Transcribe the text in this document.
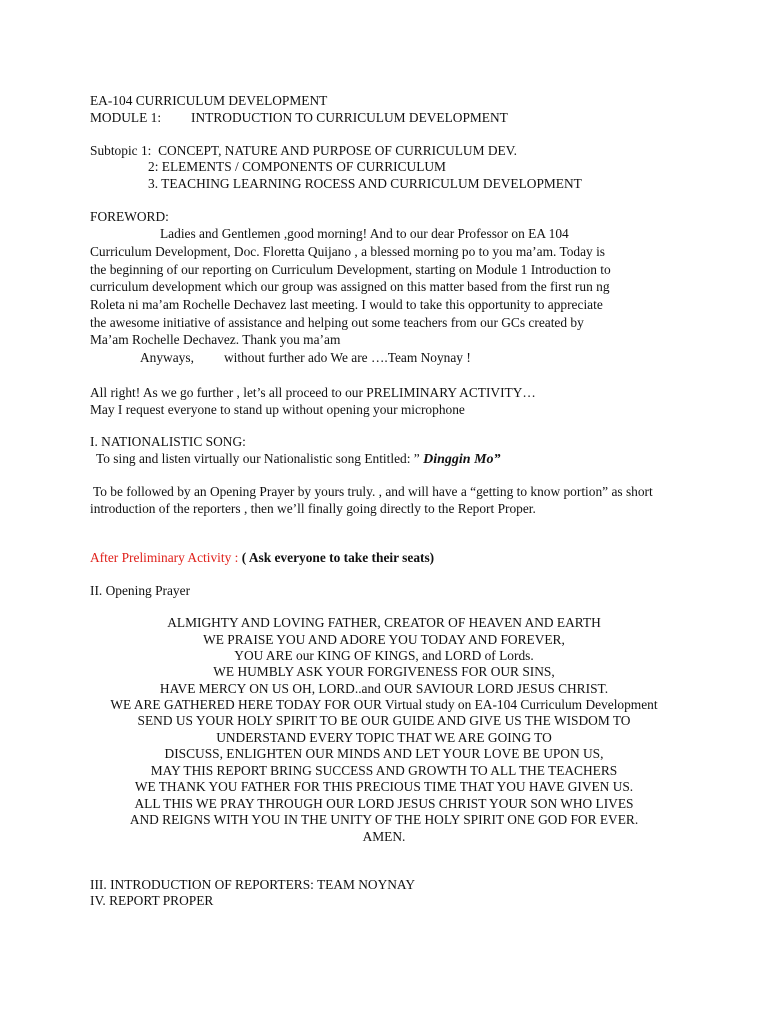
EA-104 CURRICULUM DEVELOPMENT
MODULE 1: INTRODUCTION TO CURRICULUM DEVELOPMENT
Subtopic 1: CONCEPT, NATURE AND PURPOSE OF CURRICULUM DEV.
2: ELEMENTS / COMPONENTS OF CURRICULUM
3. TEACHING LEARNING ROCESS AND CURRICULUM DEVELOPMENT
FOREWORD:
Ladies and Gentlemen ,good morning! And to our dear Professor on EA 104
Curriculum Development, Doc. Floretta Quijano , a blessed morning po to you ma’am. Today is
the beginning of our reporting on Curriculum Development, starting on Module 1 Introduction to
curriculum development which our group was assigned on this matter based from the first run ng
Roleta ni ma’am Rochelle Dechavez last meeting. I would to take this opportunity to appreciate
the awesome initiative of assistance and helping out some teachers from our GCs created by
Ma’am Rochelle Dechavez. Thank you ma’am
Anyways, without further ado We are ….Team Noynay !
All right! As we go further , let’s all proceed to our PRELIMINARY ACTIVITY…
May I request everyone to stand up without opening your microphone
I. NATIONALISTIC SONG:
To sing and listen virtually our Nationalistic song Entitled: ” Dinggin Mo”
To be followed by an Opening Prayer by yours truly. , and will have a “getting to know portion” as short
introduction of the reporters , then we’ll finally going directly to the Report Proper.
After Preliminary Activity : ( Ask everyone to take their seats)
II. Opening Prayer
ALMIGHTY AND LOVING FATHER, CREATOR OF HEAVEN AND EARTH
WE PRAISE YOU AND ADORE YOU TODAY AND FOREVER,
YOU ARE our KING OF KINGS, and LORD of Lords.
WE HUMBLY ASK YOUR FORGIVENESS FOR OUR SINS,
HAVE MERCY ON US OH, LORD..and OUR SAVIOUR LORD JESUS CHRIST.
WE ARE GATHERED HERE TODAY FOR OUR Virtual study on EA-104 Curriculum Development
SEND US YOUR HOLY SPIRIT TO BE OUR GUIDE AND GIVE US THE WISDOM TO
UNDERSTAND EVERY TOPIC THAT WE ARE GOING TO
DISCUSS, ENLIGHTEN OUR MINDS AND LET YOUR LOVE BE UPON US,
MAY THIS REPORT BRING SUCCESS AND GROWTH TO ALL THE TEACHERS
WE THANK YOU FATHER FOR THIS PRECIOUS TIME THAT YOU HAVE GIVEN US.
ALL THIS WE PRAY THROUGH OUR LORD JESUS CHRIST YOUR SON WHO LIVES
AND REIGNS WITH YOU IN THE UNITY OF THE HOLY SPIRIT ONE GOD FOR EVER.
AMEN.
III. INTRODUCTION OF REPORTERS: TEAM NOYNAY
IV. REPORT PROPER
